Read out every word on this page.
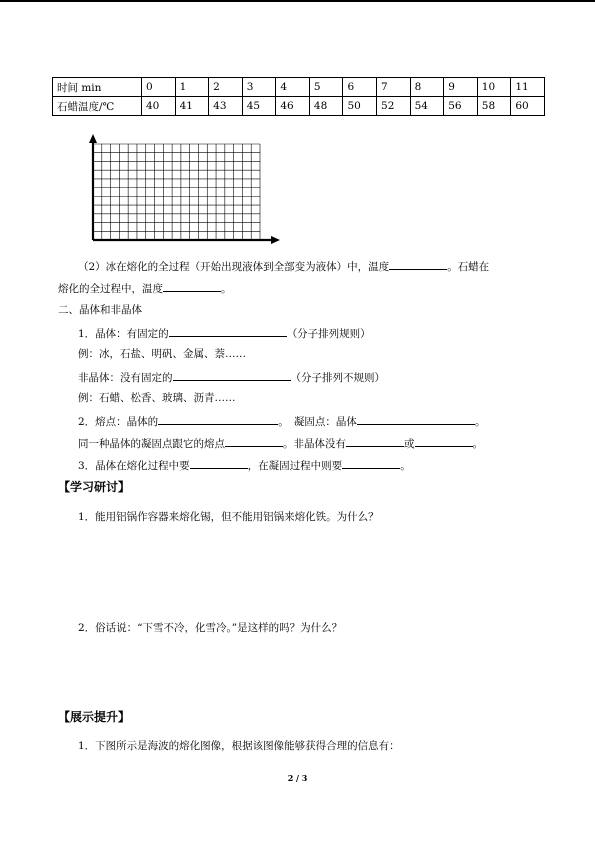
时间 min	0	1	2	3	4	5	6	7	8	9	10	11
石蜡温度/℃	40	41	43	45	46	48	50	52	54	56	58	60
（2）冰在熔化的全过程（开始出现液体到全部变为液体）中，温度	。石蜡在
熔化的全过程中，温度	。
二、晶体和非晶体
1．晶体：有固定的	（分子排列规则）
例：冰，石盐、明矾、金属、萘……
非晶体：没有固定的	（分子排列不规则）
例：石蜡、松香、玻璃、沥青……
2．熔点：晶体的	。　凝固点：晶体	。
同一种晶体的凝固点跟它的熔点	。非晶体没有	或	。
3．晶体在熔化过程中要	，在凝固过程中则要	。
【学习研讨】
1．能用铝锅作容器来熔化锡，但不能用铝锅来熔化铁。为什么？
2．俗话说：“下雪不冷，化雪冷。”是这样的吗？为什么？
【展示提升】
1．下图所示是海波的熔化图像，根据该图像能够获得合理的信息有：
2 / 3
